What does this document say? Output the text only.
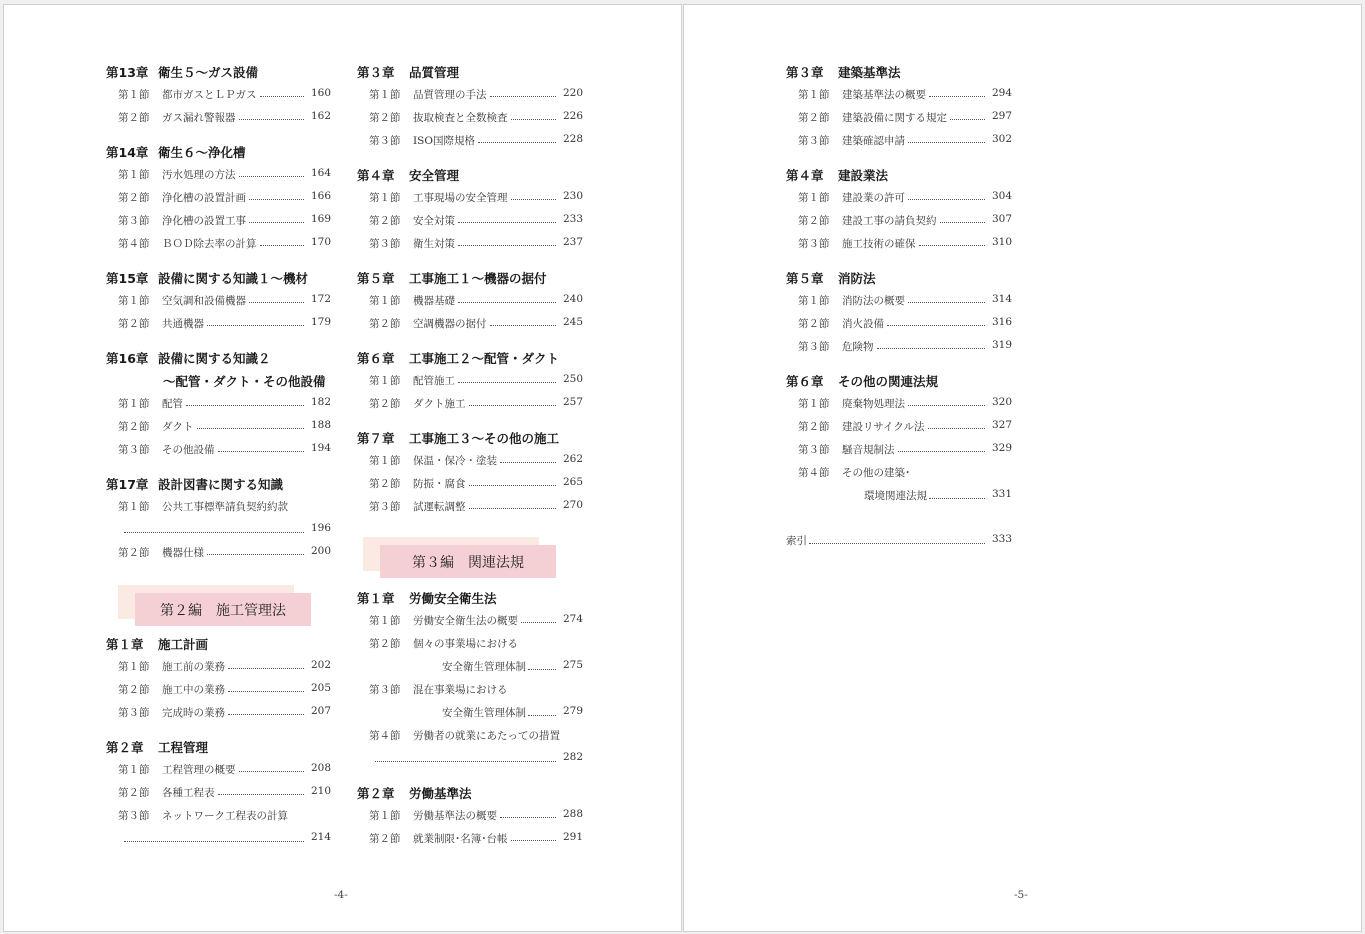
第13章 衛生５～ガス設備
第１節 都市ガスとＬＰガス	160
第２節 ガス漏れ警報器	162
第14章 衛生６～浄化槽
第１節 汚水処理の方法	164
第２節 浄化槽の設置計画	166
第３節 浄化槽の設置工事	169
第４節 ＢＯＤ除去率の計算	170
第15章 設備に関する知識１～機材
第１節 空気調和設備機器	172
第２節 共通機器	179
第16章 設備に関する知識２
～配管・ダクト・その他設備
第１節 配管	182
第２節 ダクト	188
第３節 その他設備	194
第17章 設計図書に関する知識
第１節 公共工事標準請負契約約款
196
第２節 機器仕様	200
第２編　施工管理法
第１章 施工計画
第１節 施工前の業務	202
第２節 施工中の業務	205
第３節 完成時の業務	207
第２章 工程管理
第１節 工程管理の概要	208
第２節 各種工程表	210
第３節 ネットワーク工程表の計算
214
第３章 品質管理
第１節 品質管理の手法	220
第２節 抜取検査と全数検査	226
第３節 ISO国際規格	228
第４章 安全管理
第１節 工事現場の安全管理	230
第２節 安全対策	233
第３節 衛生対策	237
第５章 工事施工１～機器の据付
第１節 機器基礎	240
第２節 空調機器の据付	245
第６章 工事施工２～配管・ダクト
第１節 配管施工	250
第２節 ダクト施工	257
第７章 工事施工３～その他の施工
第１節 保温・保冷・塗装	262
第２節 防振・腐食	265
第３節 試運転調整	270
第３編　関連法規
第１章 労働安全衛生法
第１節 労働安全衛生法の概要	274
第２節 個々の事業場における
安全衛生管理体制	275
第３節 混在事業場における
安全衛生管理体制	279
第４節 労働者の就業にあたっての措置
282
第２章 労働基準法
第１節 労働基準法の概要	288
第２節 就業制限･名簿･台帳	291
-4-
第３章 建築基準法
第１節 建築基準法の概要	294
第２節 建築設備に関する規定	297
第３節 建築確認申請	302
第４章 建設業法
第１節 建設業の許可	304
第２節 建設工事の請負契約	307
第３節 施工技術の確保	310
第５章 消防法
第１節 消防法の概要	314
第２節 消火設備	316
第３節 危険物	319
第６章 その他の関連法規
第１節 廃棄物処理法	320
第２節 建設リサイクル法	327
第３節 騒音規制法	329
第４節 その他の建築･
環境関連法規	331
索引	333
-5-
